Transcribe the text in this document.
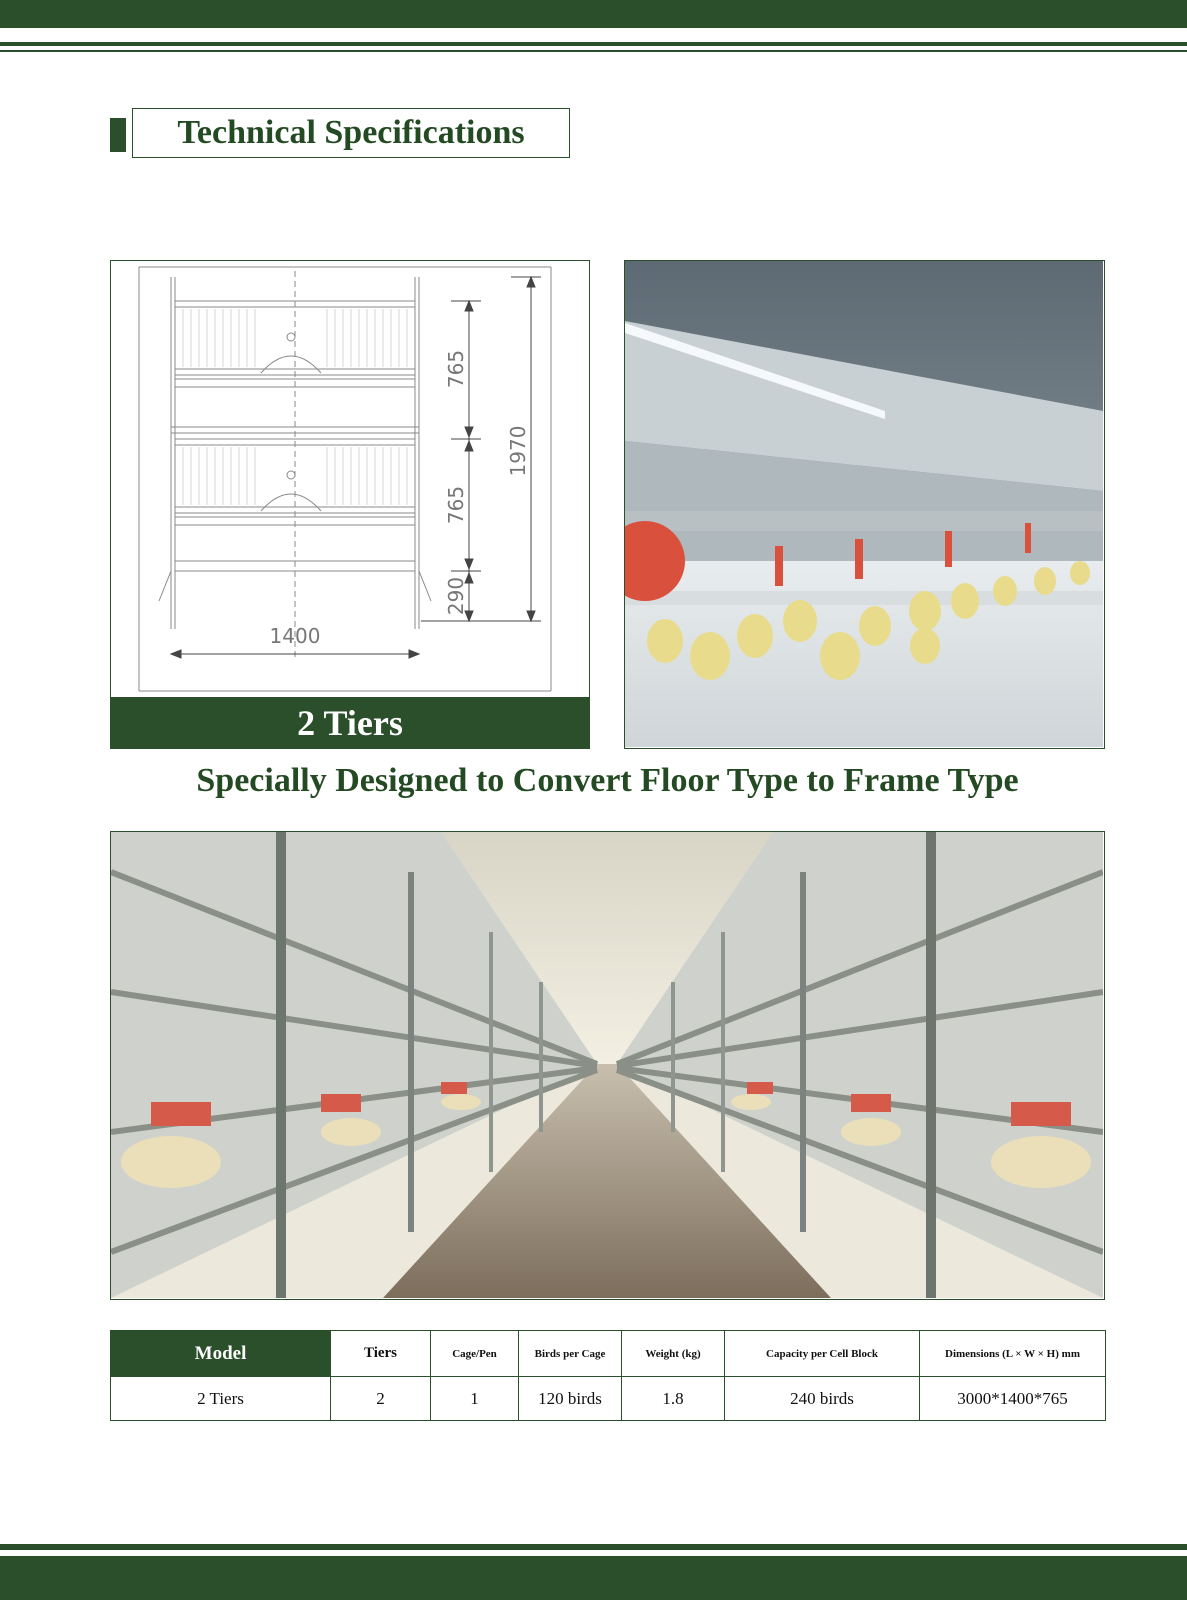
Technical Specifications
1400
765
765
290
1970
2 Tiers
Specially Designed to Convert Floor Type to Frame Type
Model	Tiers	Cage/Pen	Birds per Cage	Weight (kg)	Capacity per Cell Block	Dimensions (L × W × H) mm
2 Tiers	2	1	120 birds	1.8	240 birds	3000*1400*765
